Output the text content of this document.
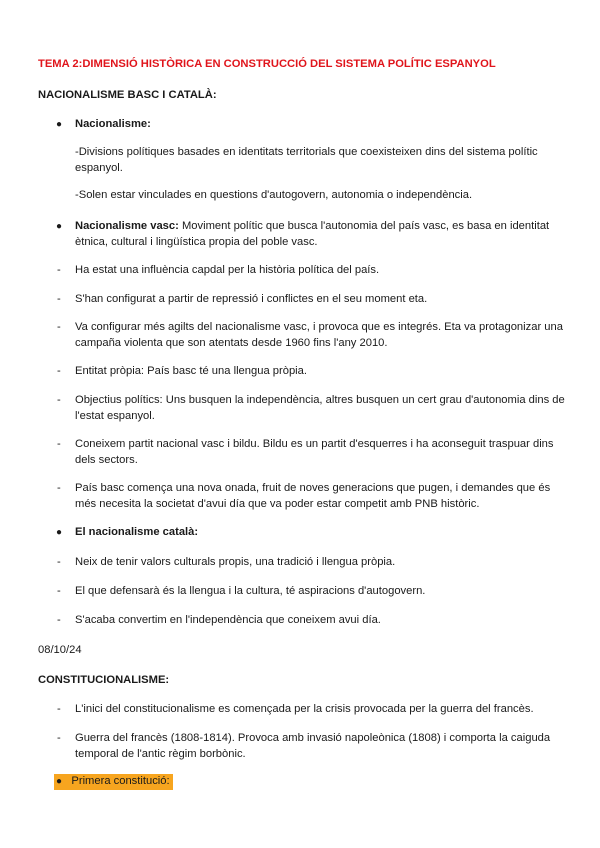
TEMA 2:DIMENSIÓ HISTÒRICA EN CONSTRUCCIÓ DEL SISTEMA POLÍTIC ESPANYOL
NACIONALISME BASC I CATALÀ:
● Nacionalisme:
-Divisions polítiques basades en identitats territorials que coexisteixen dins del sistema polític espanyol.
-Solen estar vinculades en questions d'autogovern, autonomia o independència.
● Nacionalisme vasc: Moviment polític que busca l'autonomia del país vasc, es basa en identitat ètnica, cultural i lingüística propia del poble vasc.
- Ha estat una influència capdal per la història política del país.
- S'han configurat a partir de repressió i conflictes en el seu moment eta.
- Va configurar més agilts del nacionalisme vasc, i provoca que es integrés. Eta va protagonizar una campaña violenta que son atentats desde 1960 fins l'any 2010.
- Entitat pròpia: País basc té una llengua pròpia.
- Objectius polítics: Uns busquen la independència, altres busquen un cert grau d'autonomia dins de l'estat espanyol.
- Coneixem partit nacional vasc i bildu. Bildu es un partit d'esquerres i ha aconseguit traspuar dins dels sectors.
- País basc comença una nova onada, fruit de noves generacions que pugen, i demandes que és més necesita la societat d'avui día que va poder estar competit amb PNB històric.
● El nacionalisme català:
- Neix de tenir valors culturals propis, una tradició i llengua pròpia.
- El que defensarà és la llengua i la cultura, té aspiracions d'autogovern.
- S'acaba convertim en l'independència que coneixem avui día.
08/10/24
CONSTITUCIONALISME:
- L'inici del constitucionalisme es començada per la crisis provocada per la guerra del francès.
- Guerra del francès (1808-1814). Provoca amb invasió napoleònica (1808) i comporta la caiguda temporal de l'antic règim borbònic.
● Primera constitució:
